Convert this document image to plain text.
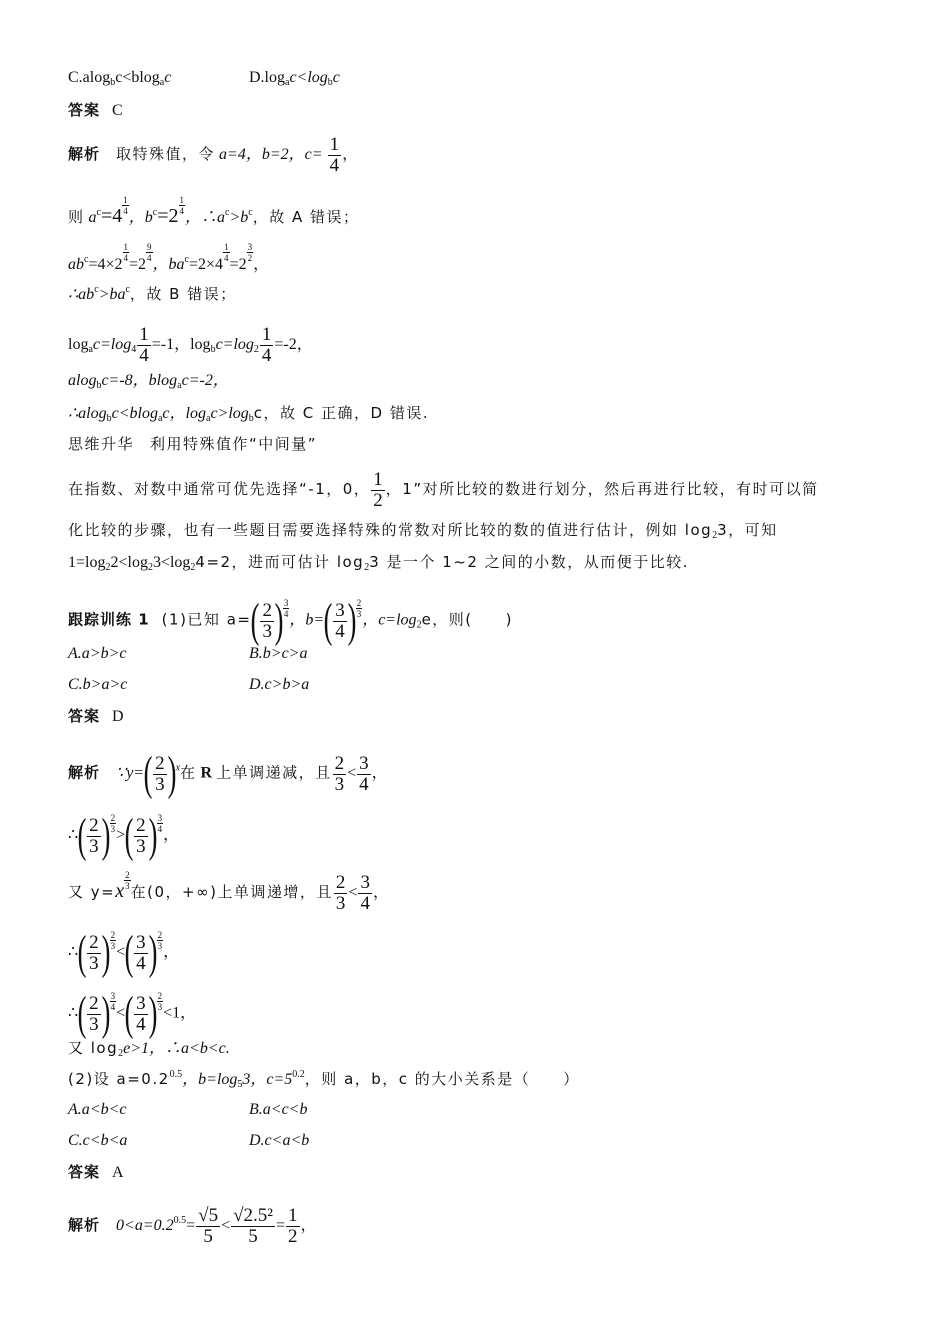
C.alog$_b$c<blog$_a$c	$D.\log_ac<\log_bc$
答案 C
解析 取特殊值，令 a=4，b=2，$c= \frac{1}{4}$ ，
则 $a^c=4 \frac{1}{4}$
，$b^c=2 \frac{1}{4}$
，$\therefore a^c>b^c$，故 A 错误；
$ab^c=4\times 2$
$\frac{1}{4}$
=2
$\frac{9}{4}$
，$ba^c=2\times 4$
$\frac{1}{4}$
=2
$\frac{3}{2}$
，
$\therefore ab^c>ba^c$，故 B 错误；
$\log_ac=\log_4 \frac{1}{4} =-1$，$\log_bc=\log_2 \frac{1}{4} =-2$，
alog$_b$c=-8，blog$_a$c=-2，
∴alog$_b$c<blog$_a$c，$\log_ac>\log_bc$，故 C 正确，D 错误.
思维升华 利用特殊值作“中间量”
在指数、对数中通常可优先选择“-1，0， $\frac{1}{2}$ ，1”对所比较的数进行划分，然后再进行比较，有时可以简
化比较的步骤，也有一些题目需要选择特殊的常数对所比较的数的值进行估计，例如 $\log_23$，可知
$1=\log_22<\log_23<\log_24=2$，进而可估计 $\log_23$ 是一个 1~2 之间的小数，从而便于比较.
跟踪训练 1 (1)已知 $a=( \frac{2}{3}$ ) $\frac{3}{4}$
，$b=( \frac{3}{4}$ ) $\frac{2}{3}$
，$c=\log_2e$，则(　　)
A.a>b>c	B.b>c>a
C.b>a>c	D.c>b>a
答案 D
解析 ∵y=( $\frac{2}{3} )^x$在 R 上单调递减，且 $\frac{2}{3} < \frac{3}{4}$ ，
∴( $\frac{2}{3}$ ) $\frac{2}{3}$
>( $\frac{2}{3}$ ) $\frac{3}{4}$
，
又 $y=x \frac{2}{3}$
在(0，+∞)上单调递增，且 $\frac{2}{3} < \frac{3}{4}$ ，
∴( $\frac{2}{3}$ ) $\frac{2}{3}$
<( $\frac{3}{4}$ ) $\frac{2}{3}$
，
∴( $\frac{2}{3}$ ) $\frac{3}{4}$
<( $\frac{3}{4}$ ) $\frac{2}{3}$
<1，
又 $\log_2e>1$，∴a<b<c.
(2)设 $a=0.2^{0.5}$，$b=\log_53$，$c=5^{0.2}$，则 a，b，c 的大小关系是（　　）
A.a<b<c	B.a<c<b
C.c<b<a	D.c<a<b
答案 A
解析 $0<a=0.2^{0.5}= \frac{√5}{5} < \frac{\text{√2.5²}}{5} = \frac{1}{2}$ ，
